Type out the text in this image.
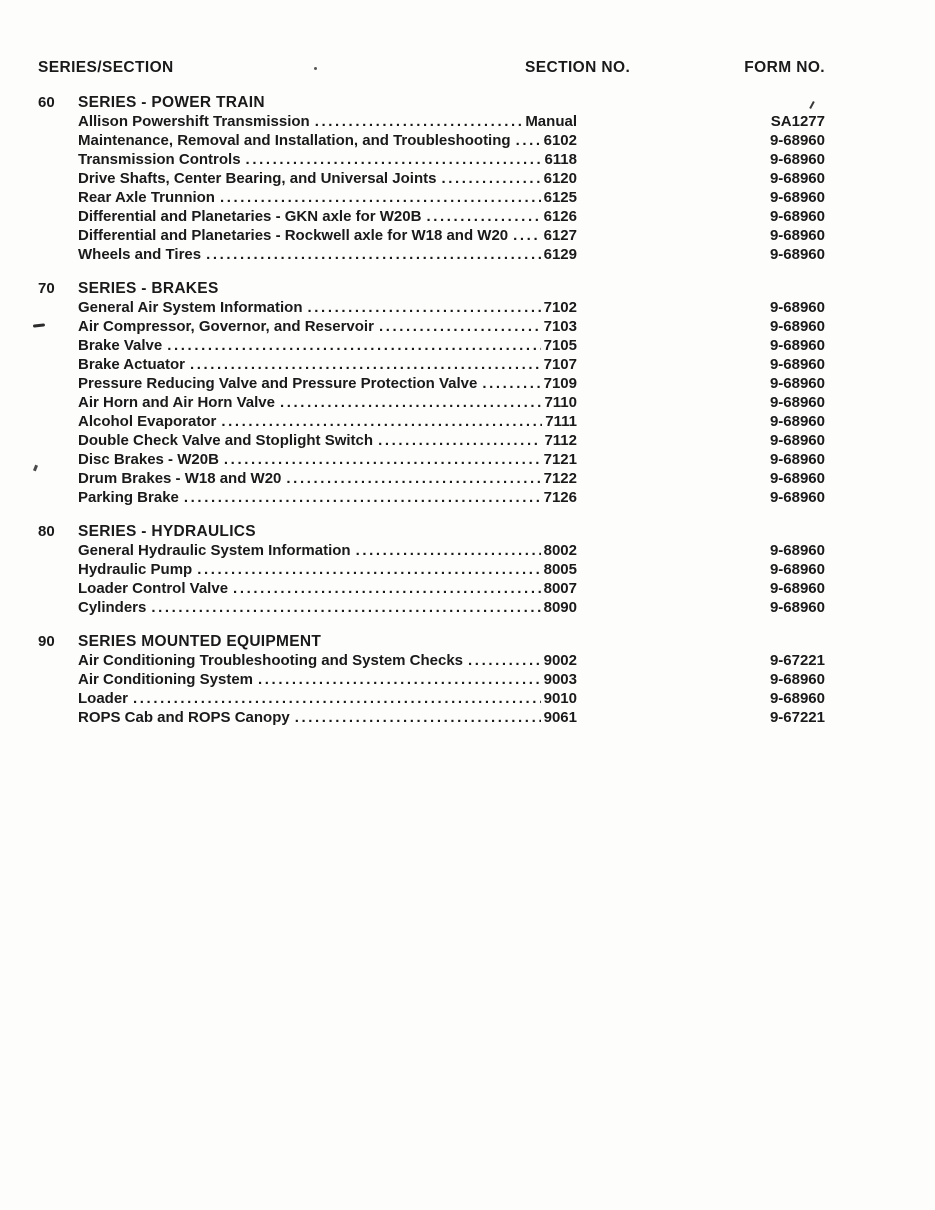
SERIES/SECTION	SECTION NO.	FORM NO.
60	SERIES - POWER TRAIN
Allison Powershift Transmission .....	Manual	SA1277
Maintenance, Removal and Installation, and Troubleshooting ..... 6102	9-68960
Transmission Controls .....	6118	9-68960
Drive Shafts, Center Bearing, and Universal Joints .....	6120	9-68960
Rear Axle Trunnion .....	6125	9-68960
Differential and Planetaries - GKN axle for W20B .....	6126	9-68960
Differential and Planetaries - Rockwell axle for W18 and W20 ..... 6127	9-68960
Wheels and Tires .....	6129	9-68960
70	SERIES - BRAKES
General Air System Information .....	7102	9-68960
Air Compressor, Governor, and Reservoir .....	7103	9-68960
Brake Valve .....	7105	9-68960
Brake Actuator .....	7107	9-68960
Pressure Reducing Valve and Pressure Protection Valve .....	7109	9-68960
Air Horn and Air Horn Valve .....	7110	9-68960
Alcohol Evaporator .....	7111	9-68960
Double Check Valve and Stoplight Switch .....	7112	9-68960
Disc Brakes - W20B .....	7121	9-68960
Drum Brakes - W18 and W20 .....	7122	9-68960
Parking Brake .....	7126	9-68960
80	SERIES - HYDRAULICS
General Hydraulic System Information .....	8002	9-68960
Hydraulic Pump .....	8005	9-68960
Loader Control Valve .....	8007	9-68960
Cylinders .....	8090	9-68960
90	SERIES MOUNTED EQUIPMENT
Air Conditioning Troubleshooting and System Checks .....	9002	9-67221
Air Conditioning System .....	9003	9-68960
Loader .....	9010	9-68960
ROPS Cab and ROPS Canopy .....	9061	9-67221
